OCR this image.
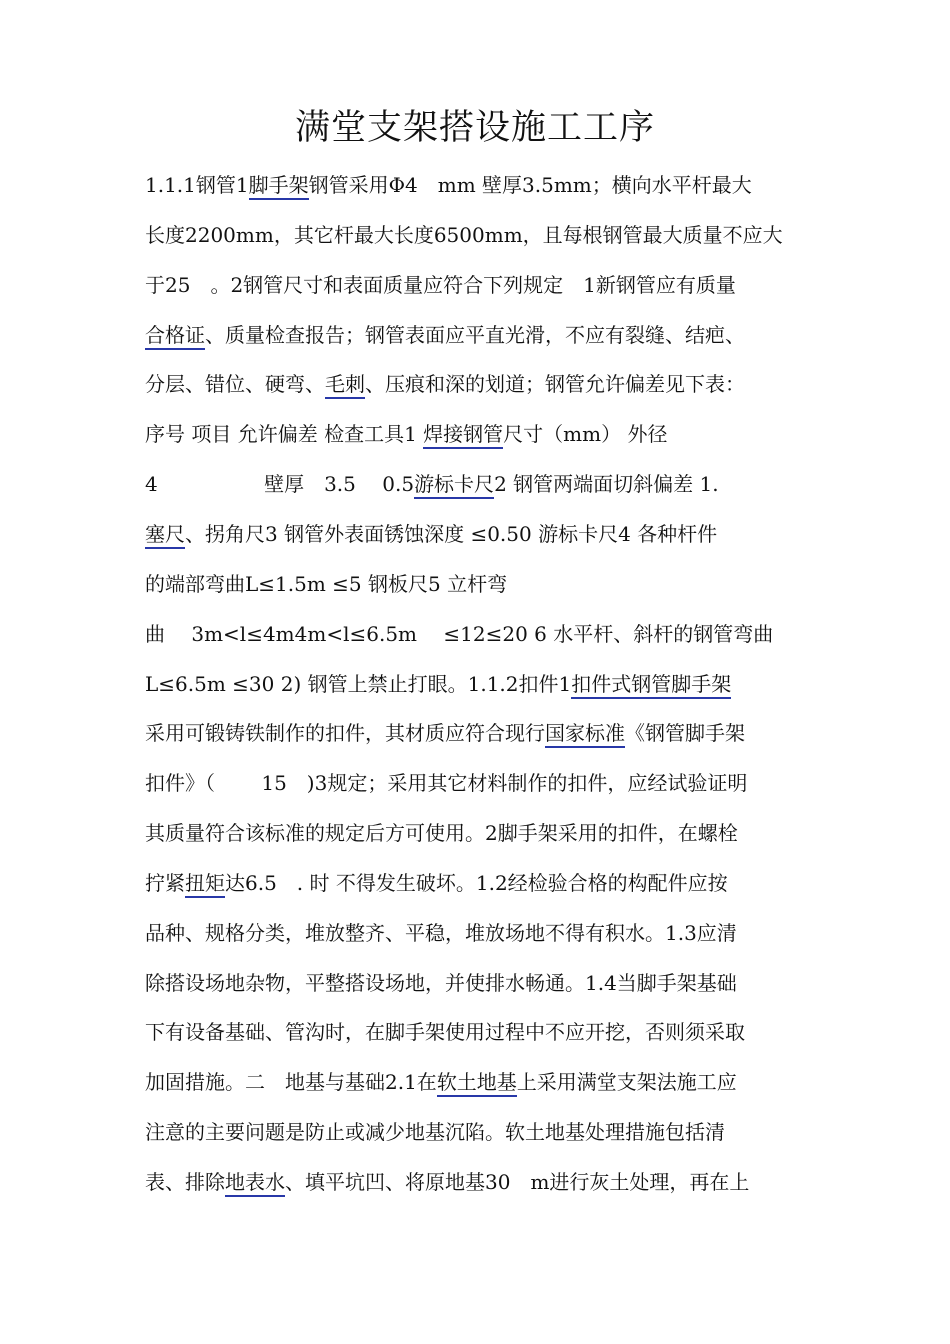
满堂支架搭设施工工序
1.1.1钢管1脚手架钢管采用Φ4　mm 壁厚3.5mm；横向水平杆最大
长度2200mm，其它杆最大长度6500mm，且每根钢管最大质量不应大
于25　。2钢管尺寸和表面质量应符合下列规定　1新钢管应有质量
合格证、质量检查报告；钢管表面应平直光滑，不应有裂缝、结疤、
分层、错位、硬弯、毛刺、压痕和深的划道；钢管允许偏差见下表：
序号 项目 允许偏差 检查工具1 焊接钢管尺寸（mm） 外径
4　　　　　 壁厚　3.5　 0.5游标卡尺2 钢管两端面切斜偏差 1.
塞尺、拐角尺3 钢管外表面锈蚀深度 ≤0.50 游标卡尺4 各种杆件
的端部弯曲L≤1.5m ≤5 钢板尺5 立杆弯
曲　 3m<l≤4m4m<l≤6.5m　 ≤12≤20 6 水平杆、斜杆的钢管弯曲
L≤6.5m ≤30 2) 钢管上禁止打眼。1.1.2扣件1扣件式钢管脚手架
采用可锻铸铁制作的扣件，其材质应符合现行国家标准《钢管脚手架
扣件》（　　 15　)3规定；采用其它材料制作的扣件，应经试验证明
其质量符合该标准的规定后方可使用。2脚手架采用的扣件，在螺栓
拧紧扭矩达6.5　. 时 不得发生破坏。1.2经检验合格的构配件应按
品种、规格分类，堆放整齐、平稳，堆放场地不得有积水。1.3应清
除搭设场地杂物，平整搭设场地，并使排水畅通。1.4当脚手架基础
下有设备基础、管沟时，在脚手架使用过程中不应开挖，否则须采取
加固措施。二　地基与基础2.1在软土地基上采用满堂支架法施工应
注意的主要问题是防止或减少地基沉陷。软土地基处理措施包括清
表、排除地表水、填平坑凹、将原地基30　m进行灰土处理，再在上
